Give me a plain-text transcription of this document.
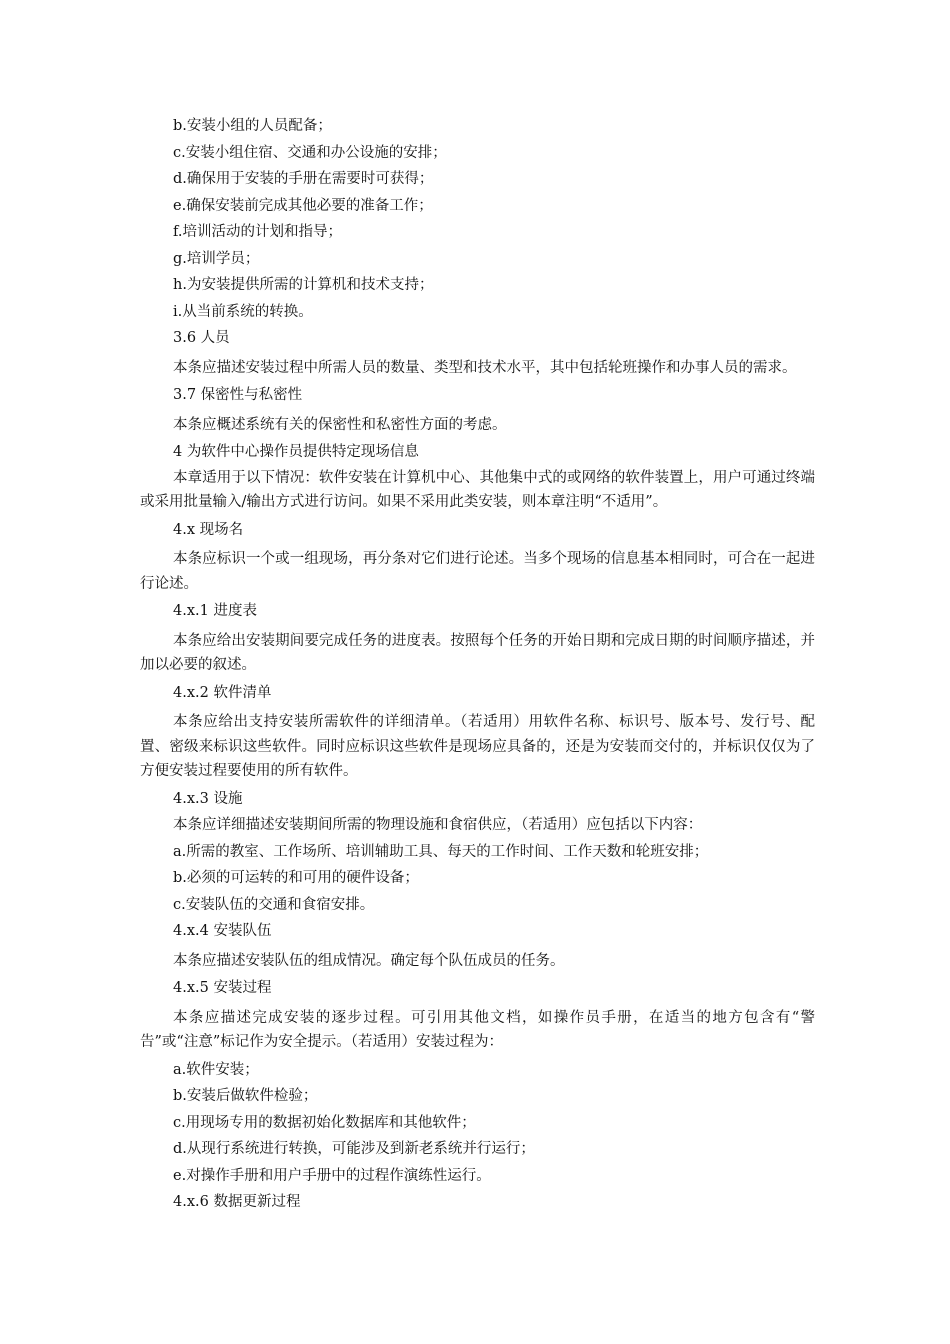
b.安装小组的人员配备；
c.安装小组住宿、交通和办公设施的安排；
d.确保用于安装的手册在需要时可获得；
e.确保安装前完成其他必要的准备工作；
f.培训活动的计划和指导；
g.培训学员；
h.为安装提供所需的计算机和技术支持；
i.从当前系统的转换。
3.6 人员
本条应描述安装过程中所需人员的数量、类型和技术水平，其中包括轮班操作和办事人员的需求。
3.7 保密性与私密性
本条应概述系统有关的保密性和私密性方面的考虑。
4 为软件中心操作员提供特定现场信息
本章适用于以下情况：软件安装在计算机中心、其他集中式的或网络的软件装置上，用户可通过终端或采用批量输入/输出方式进行访问。如果不采用此类安装，则本章注明“不适用”。
4.x 现场名
本条应标识一个或一组现场，再分条对它们进行论述。当多个现场的信息基本相同时，可合在一起进行论述。
4.x.1 进度表
本条应给出安装期间要完成任务的进度表。按照每个任务的开始日期和完成日期的时间顺序描述，并加以必要的叙述。
4.x.2 软件清单
本条应给出支持安装所需软件的详细清单。（若适用）用软件名称、标识号、版本号、发行号、配置、密级来标识这些软件。同时应标识这些软件是现场应具备的，还是为安装而交付的，并标识仅仅为了方便安装过程要使用的所有软件。
4.x.3 设施
本条应详细描述安装期间所需的物理设施和食宿供应，（若适用）应包括以下内容：
a.所需的教室、工作场所、培训辅助工具、每天的工作时间、工作天数和轮班安排；
b.必须的可运转的和可用的硬件设备；
c.安装队伍的交通和食宿安排。
4.x.4 安装队伍
本条应描述安装队伍的组成情况。确定每个队伍成员的任务。
4.x.5 安装过程
本条应描述完成安装的逐步过程。可引用其他文档，如操作员手册，在适当的地方包含有“警告”或“注意”标记作为安全提示。（若适用）安装过程为：
a.软件安装；
b.安装后做软件检验；
c.用现场专用的数据初始化数据库和其他软件；
d.从现行系统进行转换，可能涉及到新老系统并行运行；
e.对操作手册和用户手册中的过程作演练性运行。
4.x.6 数据更新过程
